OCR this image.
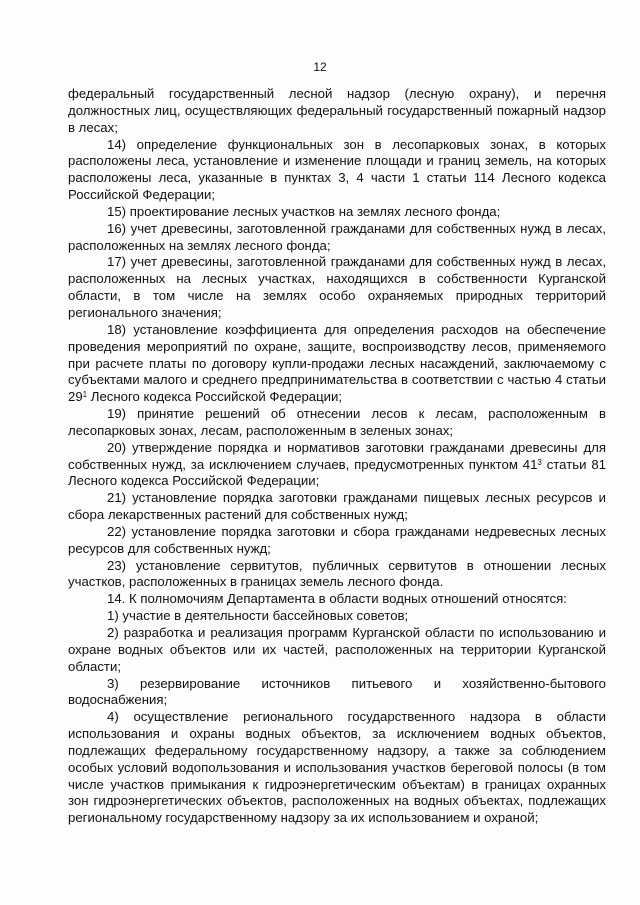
12

федеральный государственный лесной надзор (лесную охрану), и перечня должностных лиц, осуществляющих федеральный государственный пожарный надзор в лесах;

14) определение функциональных зон в лесопарковых зонах, в которых расположены леса, установление и изменение площади и границ земель, на которых расположены леса, указанные в пунктах 3, 4 части 1 статьи 114 Лесного кодекса Российской Федерации;

15) проектирование лесных участков на землях лесного фонда;

16) учет древесины, заготовленной гражданами для собственных нужд в лесах, расположенных на землях лесного фонда;

17) учет древесины, заготовленной гражданами для собственных нужд в лесах, расположенных на лесных участках, находящихся в собственности Курганской области, в том числе на землях особо охраняемых природных территорий регионального значения;

18) установление коэффициента для определения расходов на обеспечение проведения мероприятий по охране, защите, воспроизводству лесов, применяемого при расчете платы по договору купли-продажи лесных насаждений, заключаемому с субъектами малого и среднего предпринимательства в соответствии с частью 4 статьи $29^1$ Лесного кодекса Российской Федерации;

19) принятие решений об отнесении лесов к лесам, расположенным в лесопарковых зонах, лесам, расположенным в зеленых зонах;

20) утверждение порядка и нормативов заготовки гражданами древесины для собственных нужд, за исключением случаев, предусмотренных пунктом $41^3$ статьи 81 Лесного кодекса Российской Федерации;

21) установление порядка заготовки гражданами пищевых лесных ресурсов и сбора лекарственных растений для собственных нужд;

22) установление порядка заготовки и сбора гражданами недревесных лесных ресурсов для собственных нужд;

23) установление сервитутов, публичных сервитутов в отношении лесных участков, расположенных в границах земель лесного фонда.

14. К полномочиям Департамента в области водных отношений относятся:

1) участие в деятельности бассейновых советов;

2) разработка и реализация программ Курганской области по использованию и охране водных объектов или их частей, расположенных на территории Курганской области;

3) резервирование источников питьевого и хозяйственно-бытового водоснабжения;

4) осуществление регионального государственного надзора в области использования и охраны водных объектов, за исключением водных объектов, подлежащих федеральному государственному надзору, а также за соблюдением особых условий водопользования и использования участков береговой полосы (в том числе участков примыкания к гидроэнергетическим объектам) в границах охранных зон гидроэнергетических объектов, расположенных на водных объектах, подлежащих региональному государственному надзору за их использованием и охраной;
